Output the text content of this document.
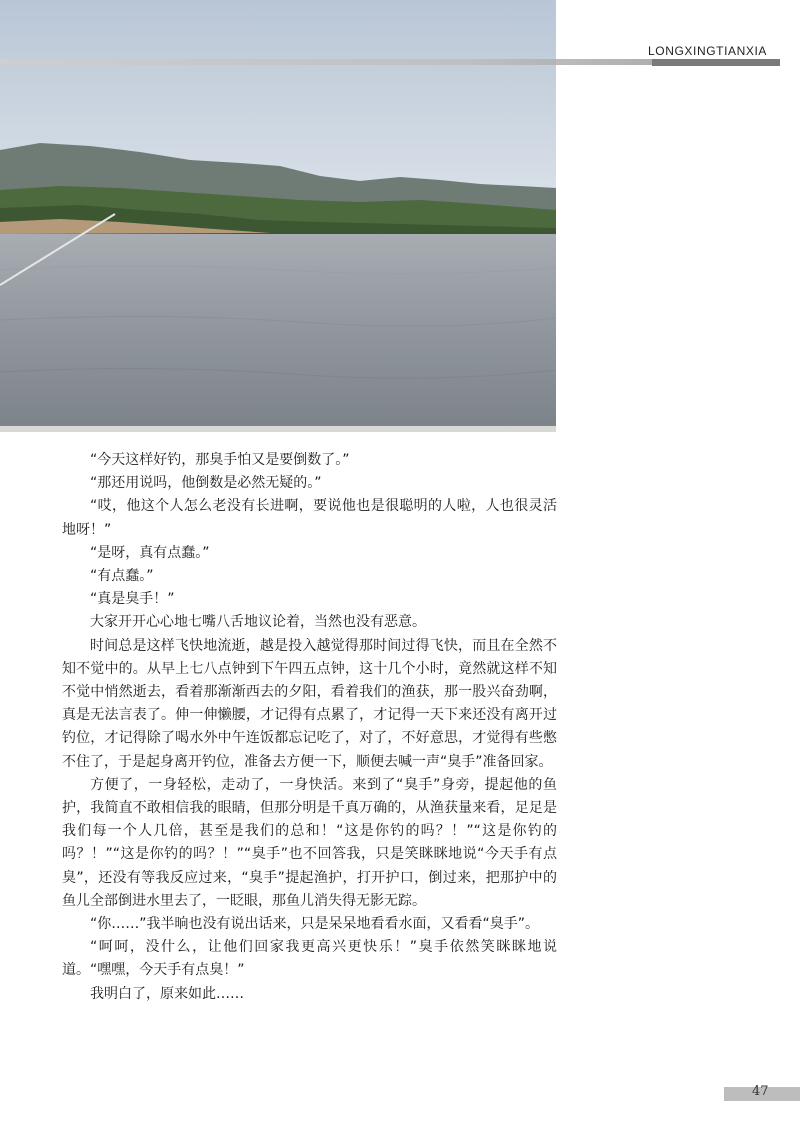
LONGXINGTIANXIA

“今天这样好钓，那臭手怕又是要倒数了。”

“那还用说吗，他倒数是必然无疑的。”

“哎，他这个人怎么老没有长进啊，要说他也是很聪明的人啦，人也很灵活地呀！”

“是呀，真有点蠢。”

“有点蠢。”

“真是臭手！”

大家开开心心地七嘴八舌地议论着，当然也没有恶意。

时间总是这样飞快地流逝，越是投入越觉得那时间过得飞快，而且在全然不知不觉中的。从早上七八点钟到下午四五点钟，这十几个小时，竟然就这样不知不觉中悄然逝去，看着那渐渐西去的夕阳，看着我们的渔获，那一股兴奋劲啊，真是无法言表了。伸一伸懒腰，才记得有点累了，才记得一天下来还没有离开过钓位，才记得除了喝水外中午连饭都忘记吃了，对了，不好意思，才觉得有些憋不住了，于是起身离开钓位，准备去方便一下，顺便去喊一声“臭手”准备回家。

方便了，一身轻松，走动了，一身快活。来到了“臭手”身旁，提起他的鱼护，我简直不敢相信我的眼睛，但那分明是千真万确的，从渔获量来看，足足是我们每一个人几倍，甚至是我们的总和！“这是你钓的吗？！”“这是你钓的吗？！”“这是你钓的吗？！”“臭手”也不回答我，只是笑眯眯地说“今天手有点臭”，还没有等我反应过来，“臭手”提起渔护，打开护口，倒过来，把那护中的鱼儿全部倒进水里去了，一眨眼，那鱼儿消失得无影无踪。

“你……”我半晌也没有说出话来，只是呆呆地看看水面，又看看“臭手”。

“呵呵，没什么，让他们回家我更高兴更快乐！”臭手依然笑眯眯地说道。“嘿嘿，今天手有点臭！”

我明白了，原来如此……

47
